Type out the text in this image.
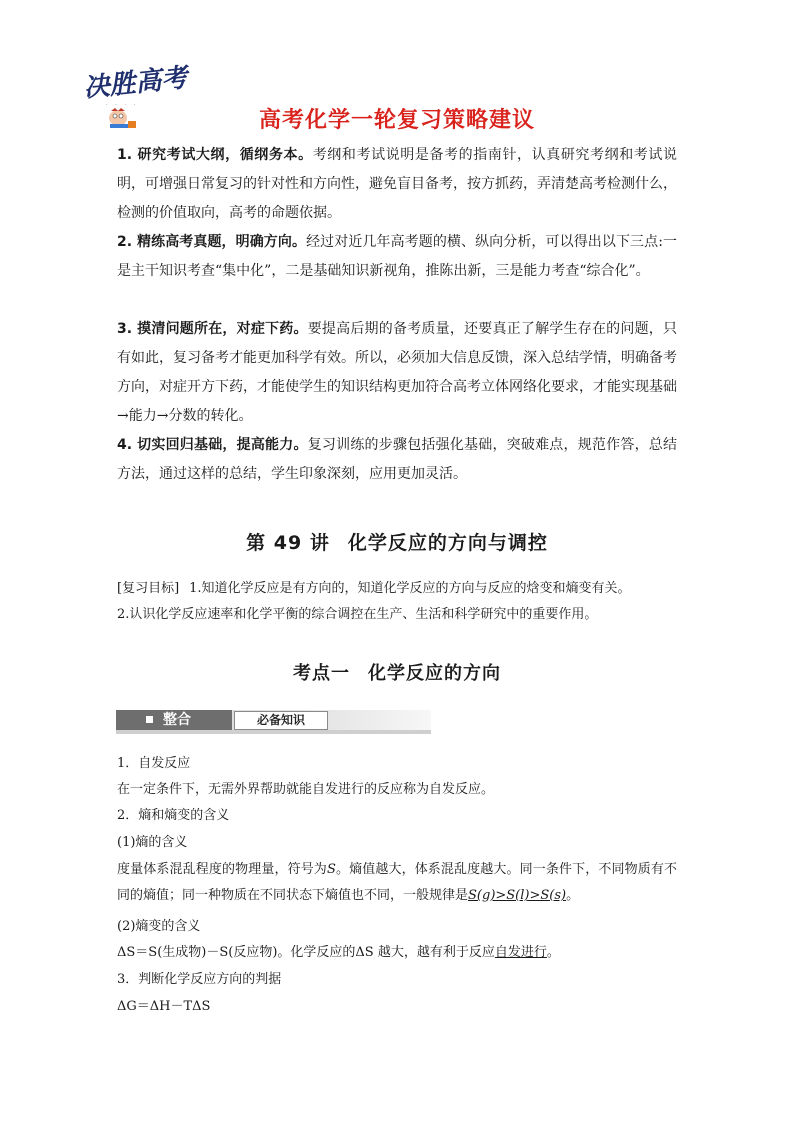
决胜高考
· · · ·
高考化学一轮复习策略建议
1. 研究考试大纲，循纲务本。考纲和考试说明是备考的指南针，认真研究考纲和考试说明，可增强日常复习的针对性和方向性，避免盲目备考，按方抓药，弄清楚高考检测什么，检测的价值取向，高考的命题依据。
2. 精练高考真题，明确方向。经过对近几年高考题的横、纵向分析，可以得出以下三点:一是主干知识考查“集中化”，二是基础知识新视角，推陈出新，三是能力考查“综合化”。
3. 摸清问题所在，对症下药。要提高后期的备考质量，还要真正了解学生存在的问题，只有如此，复习备考才能更加科学有效。所以，必须加大信息反馈，深入总结学情，明确备考方向，对症开方下药，才能使学生的知识结构更加符合高考立体网络化要求，才能实现基础→能力→分数的转化。
4. 切实回归基础，提高能力。复习训练的步骤包括强化基础，突破难点，规范作答，总结方法，通过这样的总结，学生印象深刻，应用更加灵活。
第 49 讲 化学反应的方向与调控
[复习目标] 1.知道化学反应是有方向的，知道化学反应的方向与反应的焓变和熵变有关。
2.认识化学反应速率和化学平衡的综合调控在生产、生活和科学研究中的重要作用。
考点一 化学反应的方向
整合	必备知识
1．自发反应
在一定条件下，无需外界帮助就能自发进行的反应称为自发反应。
2．熵和熵变的含义
(1)熵的含义
度量体系混乱程度的物理量，符号为S。熵值越大，体系混乱度越大。同一条件下，不同物质有不同的熵值；同一种物质在不同状态下熵值也不同，一般规律是S(g)>S(l)>S(s)。
(2)熵变的含义
ΔS＝S(生成物)－S(反应物)。化学反应的ΔS 越大，越有利于反应自发进行。
3．判断化学反应方向的判据
ΔG＝ΔH－TΔS
